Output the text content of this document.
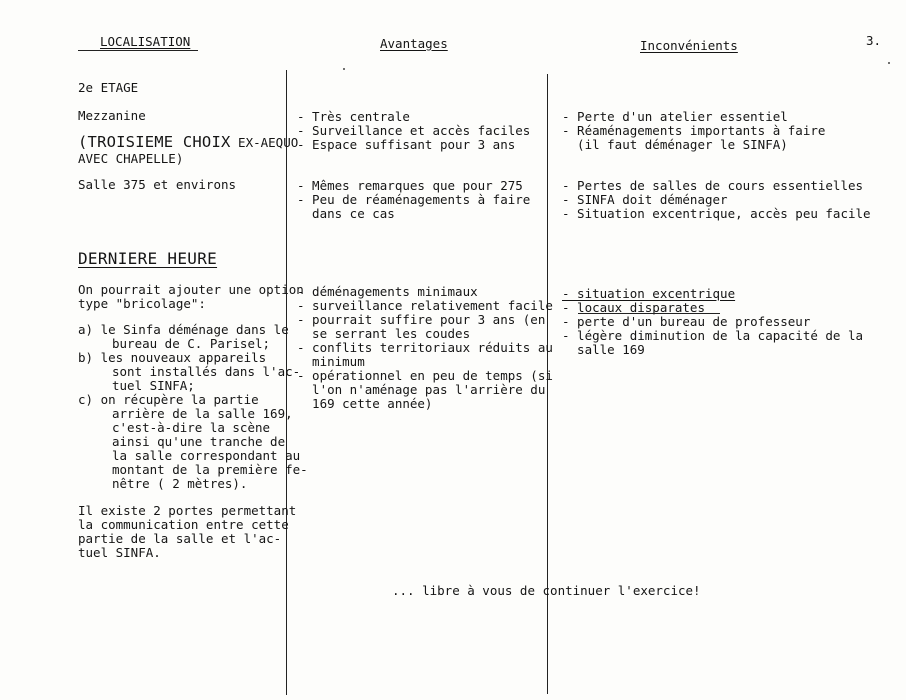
3.
LOCALISATION	Avantages	Inconvénients
2e ETAGE
Mezzanine
(TROISIEME CHOIX EX-AEQUO
AVEC CHAPELLE)
Salle 375 et environs
DERNIERE HEURE
On pourrait ajouter une option
type "bricolage":
a) le Sinfa déménage dans le
bureau de C. Parisel;
b) les nouveaux appareils
sont installés dans l'ac-
tuel SINFA;
c) on récupère la partie
arrière de la salle 169,
c'est-à-dire la scène
ainsi qu'une tranche de
la salle correspondant au
montant de la première fe-
nêtre ( 2 mètres).
Il existe 2 portes permettant
la communication entre cette
partie de la salle et l'ac-
tuel SINFA.
- Très centrale
- Surveillance et accès faciles
- Espace suffisant pour 3 ans
- Mêmes remarques que pour 275
- Peu de réaménagements à faire
dans ce cas
- déménagements minimaux
- surveillance relativement facile
- pourrait suffire pour 3 ans (en
se serrant les coudes
- conflits territoriaux réduits au
minimum
- opérationnel en peu de temps (si
l'on n'aménage pas l'arrière du
169 cette année)
- Perte d'un atelier essentiel
- Réaménagements importants à faire
(il faut déménager le SINFA)
- Pertes de salles de cours essentielles
- SINFA doit déménager
- Situation excentrique, accès peu facile
- situation excentrique
- locaux disparates
- perte d'un bureau de professeur
- légère diminution de la capacité de la
salle 169
... libre à vous de continuer l'exercice!
